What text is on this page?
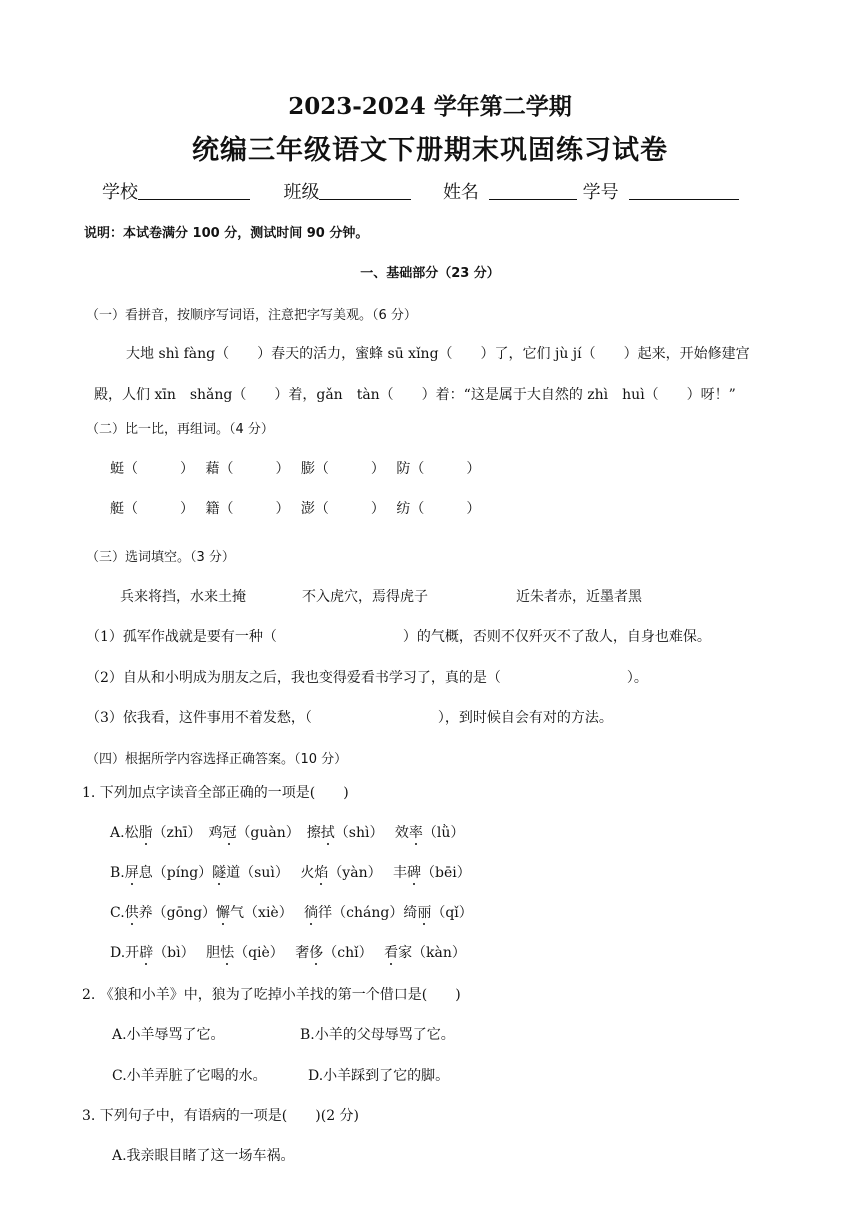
2023-2024 学年第二学期
统编三年级语文下册期末巩固练习试卷
学校	班级	姓名	学号
说明：本试卷满分 100 分，测试时间 90 分钟。
一、基础部分（23 分）
（一）看拼音，按顺序写词语，注意把字写美观。（6 分）
大地 shì fàng（　　）春天的活力，蜜蜂 sū xǐng（　　）了，它们 jù jí（　　）起来，开始修建宫
殿，人们 xīn　shǎng（　　）着，gǎn　tàn（　　）着：“这是属于大自然的 zhì　huì（　　）呀！”
（二）比一比，再组词。（4 分）
蜓（　　　）　 藉（　　　）　 膨（　　　）　 防（　　　）
艇（　　　）　 籍（　　　）　 澎（　　　）　 纺（　　　）
（三）选词填空。（3 分）
兵来将挡，水来土掩	不入虎穴，焉得虎子	近朱者赤，近墨者黑
（1）孤军作战就是要有一种（　　　　　　　　　）的气概，否则不仅歼灭不了敌人，自身也难保。
（2）自从和小明成为朋友之后，我也变得爱看书学习了，真的是（　　　　　　　　　）。
（3）依我看，这件事用不着发愁，（　　　　　　　　　），到时候自会有对的方法。
（四）根据所学内容选择正确答案。（10 分）
1. 下列加点字读音全部正确的一项是(　　)
A.松脂（zhī）　鸡冠（guàn）　擦拭（shì）　 效率（lǜ）
B.屏息（píng）隧道（suì）　 火焰（yàn）　 丰碑（bēi）
C.供养（gōng）懈气（xiè）　 徜徉（cháng）绮丽（qǐ）
D.开辟（bì）　 胆怯（qiè）　 奢侈（chǐ）　 看家（kàn）
2. 《狼和小羊》中，狼为了吃掉小羊找的第一个借口是(　　)
A.小羊辱骂了它。	B.小羊的父母辱骂了它。
C.小羊弄脏了它喝的水。	D.小羊踩到了它的脚。
3. 下列句子中，有语病的一项是(　　)(2 分)
A.我亲眼目睹了这一场车祸。
